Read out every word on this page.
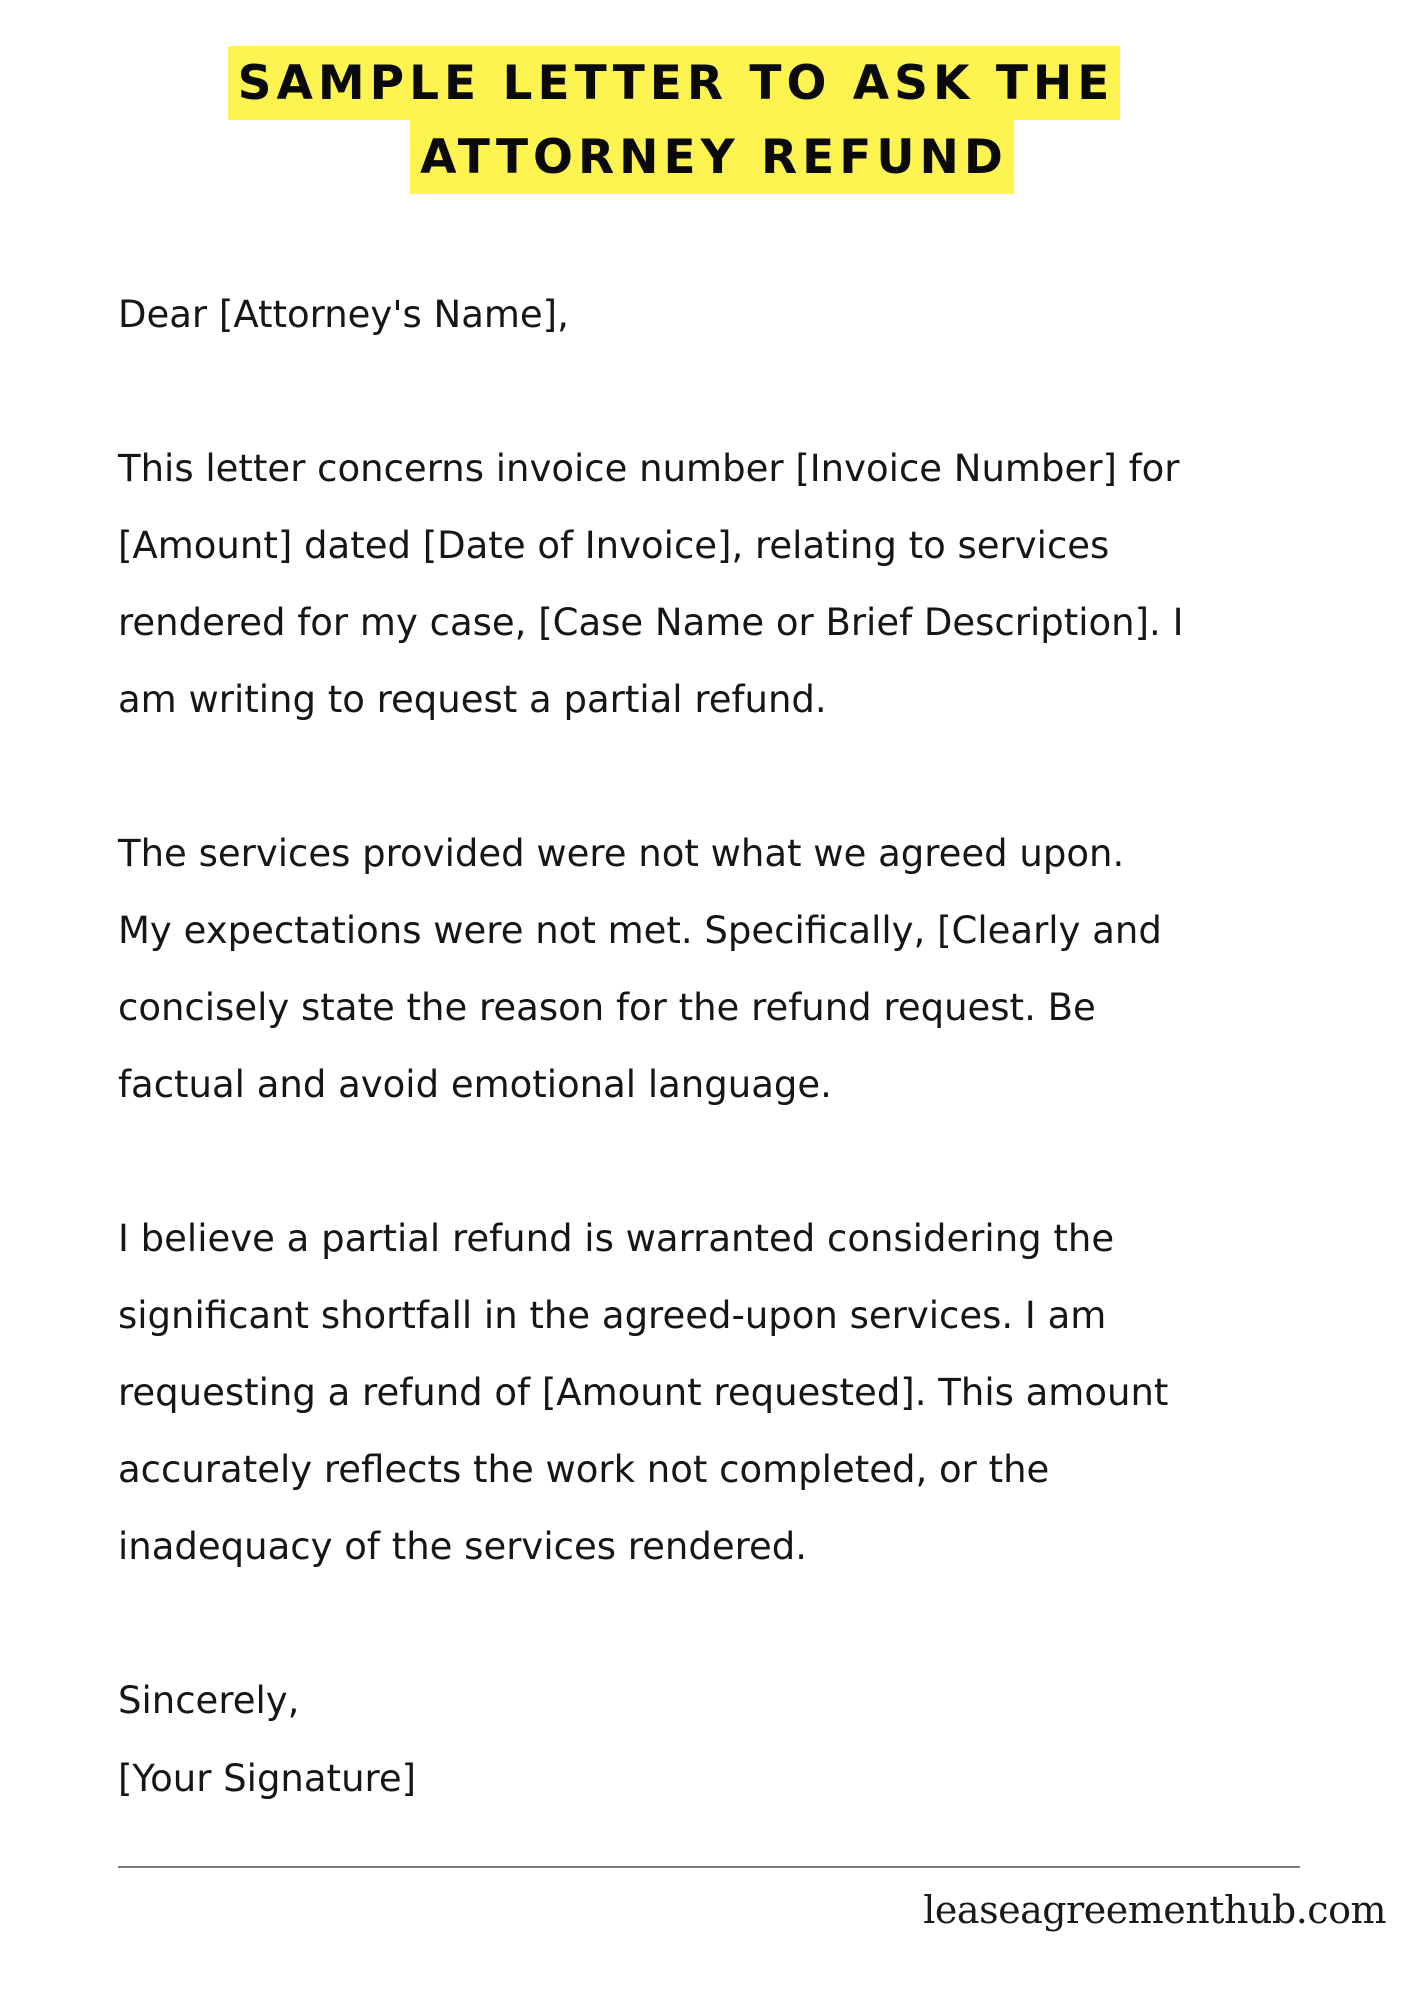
SAMPLE LETTER TO ASK THE
ATTORNEY REFUND

Dear [Attorney's Name],

This letter concerns invoice number [Invoice Number] for

[Amount] dated [Date of Invoice], relating to services

rendered for my case, [Case Name or Brief Description]. I

am writing to request a partial refund.

The services provided were not what we agreed upon.

My expectations were not met. Specifically, [Clearly and

concisely state the reason for the refund request. Be

factual and avoid emotional language.

I believe a partial refund is warranted considering the

significant shortfall in the agreed-upon services. I am

requesting a refund of [Amount requested]. This amount

accurately reflects the work not completed, or the

inadequacy of the services rendered.

Sincerely,

[Your Signature]

leaseagreementhub.com
